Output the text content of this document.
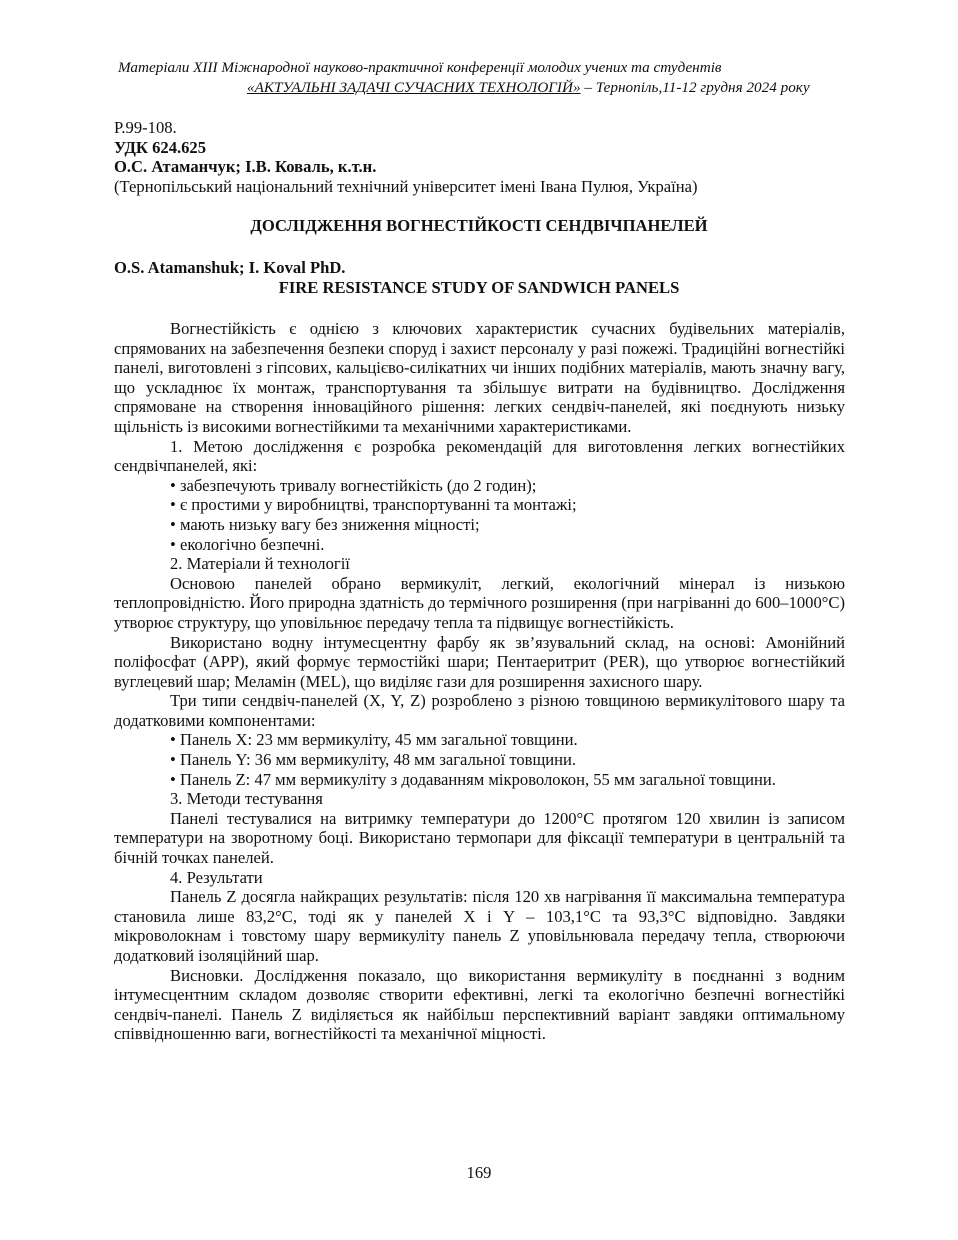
Матеріали XIII Міжнародної науково-практичної конференції молодих учених та студентів
«АКТУАЛЬНІ ЗАДАЧІ СУЧАСНИХ ТЕХНОЛОГІЙ» – Тернопіль,11-12 грудня 2024 року
P.99-108.
УДК 624.625
О.С. Атаманчук; І.В. Коваль, к.т.н.
(Тернопільський національний технічний університет імені Івана Пулюя, Україна)
ДОСЛІДЖЕННЯ ВОГНЕСТІЙКОСТІ СЕНДВІЧПАНЕЛЕЙ
O.S. Atamanshuk; I. Koval PhD.
FIRE RESISTANCE STUDY OF SANDWICH PANELS

Вогнестійкість є однією з ключових характеристик сучасних будівельних матеріалів, спрямованих на забезпечення безпеки споруд і захист персоналу у разі пожежі. Традиційні вогнестійкі панелі, виготовлені з гіпсових, кальцієво-силікатних чи інших подібних матеріалів, мають значну вагу, що ускладнює їх монтаж, транспортування та збільшує витрати на будівництво. Дослідження спрямоване на створення інноваційного рішення: легких сендвіч-панелей, які поєднують низьку щільність із високими вогнестійкими та механічними характеристиками.

1. Метою дослідження є розробка рекомендацій для виготовлення легких вогнестійких сендвічпанелей, які:

• забезпечують тривалу вогнестійкість (до 2 годин);

• є простими у виробництві, транспортуванні та монтажі;

• мають низьку вагу без зниження міцності;

• екологічно безпечні.

2. Матеріали й технології

Основою панелей обрано вермикуліт, легкий, екологічний мінерал із низькою теплопровідністю. Його природна здатність до термічного розширення (при нагріванні до 600–1000°C) утворює структуру, що уповільнює передачу тепла та підвищує вогнестійкість.

Використано водну інтумесцентну фарбу як зв’язувальний склад, на основі: Амонійний поліфосфат (APP), який формує термостійкі шари; Пентаеритрит (PER), що утворює вогнестійкий вуглецевий шар; Меламін (MEL), що виділяє гази для розширення захисного шару.

Три типи сендвіч-панелей (X, Y, Z) розроблено з різною товщиною вермикулітового шару та додатковими компонентами:

• Панель X: 23 мм вермикуліту, 45 мм загальної товщини.

• Панель Y: 36 мм вермикуліту, 48 мм загальної товщини.

• Панель Z: 47 мм вермикуліту з додаванням мікроволокон, 55 мм загальної товщини.

3. Методи тестування

Панелі тестувалися на витримку температури до 1200°C протягом 120 хвилин із записом температури на зворотному боці. Використано термопари для фіксації температури в центральній та бічній точках панелей.

4. Результати

Панель Z досягла найкращих результатів: після 120 хв нагрівання її максимальна температура становила лише 83,2°C, тоді як у панелей X і Y – 103,1°C та 93,3°C відповідно. Завдяки мікроволокнам і товстому шару вермикуліту панель Z уповільнювала передачу тепла, створюючи додатковий ізоляційний шар.

Висновки. Дослідження показало, що використання вермикуліту в поєднанні з водним інтумесцентним складом дозволяє створити ефективні, легкі та екологічно безпечні вогнестійкі сендвіч-панелі. Панель Z виділяється як найбільш перспективний варіант завдяки оптимальному співвідношенню ваги, вогнестійкості та механічної міцності.

169
